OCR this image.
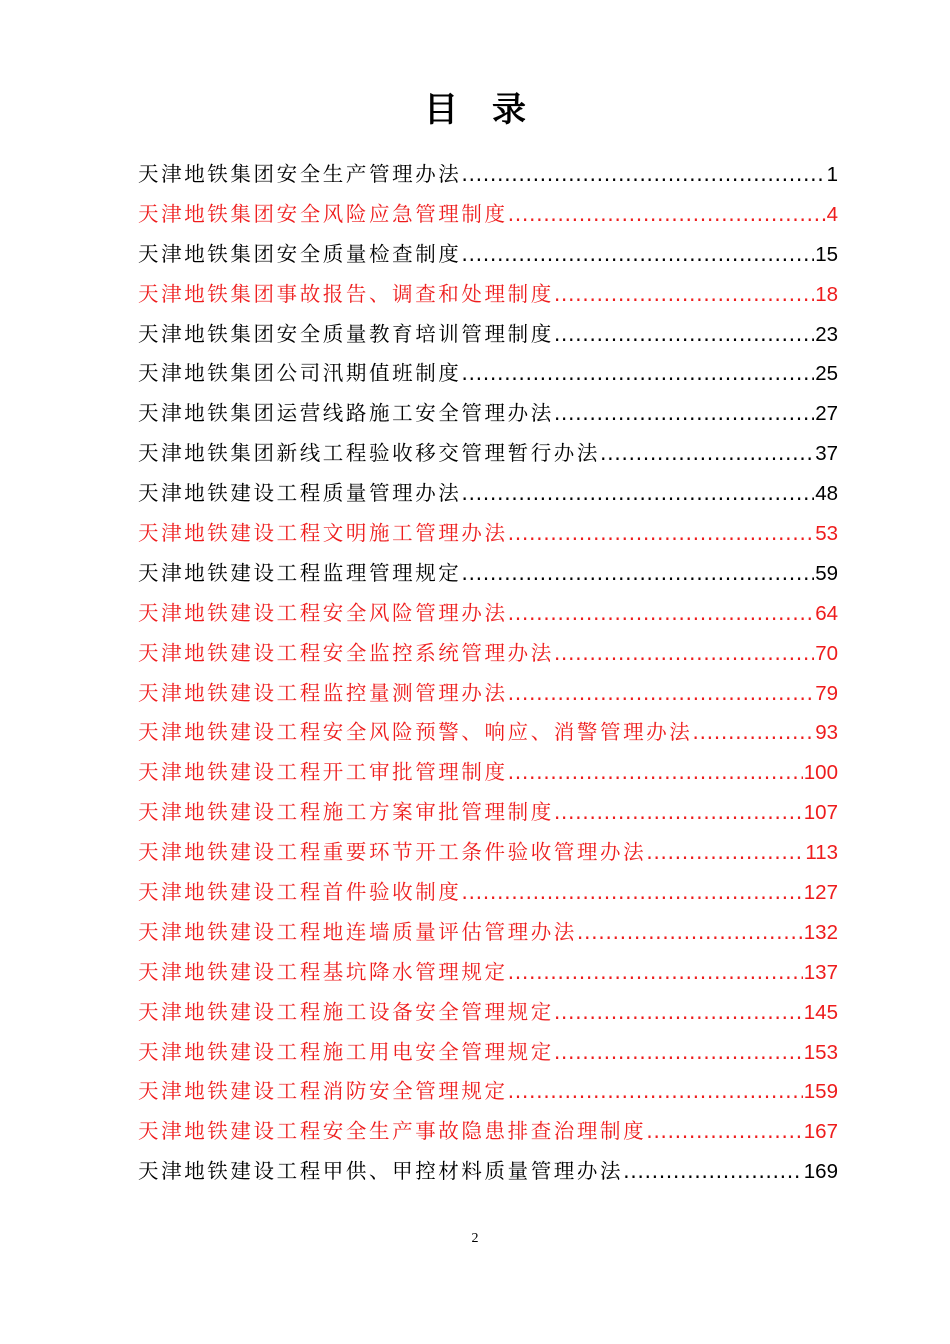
目录
天津地铁集团安全生产管理办法 .....	1
天津地铁集团安全风险应急管理制度 .....	4
天津地铁集团安全质量检查制度 .....	15
天津地铁集团事故报告、调查和处理制度 .....	18
天津地铁集团安全质量教育培训管理制度 .....	23
天津地铁集团公司汛期值班制度 .....	25
天津地铁集团运营线路施工安全管理办法 .....	27
天津地铁集团新线工程验收移交管理暂行办法 .....	37
天津地铁建设工程质量管理办法 .....	48
天津地铁建设工程文明施工管理办法 .....	53
天津地铁建设工程监理管理规定 .....	59
天津地铁建设工程安全风险管理办法 .....	64
天津地铁建设工程安全监控系统管理办法 .....	70
天津地铁建设工程监控量测管理办法 .....	79
天津地铁建设工程安全风险预警、响应、消警管理办法 .....	93
天津地铁建设工程开工审批管理制度 .....	100
天津地铁建设工程施工方案审批管理制度 .....	107
天津地铁建设工程重要环节开工条件验收管理办法 .....	113
天津地铁建设工程首件验收制度 .....	127
天津地铁建设工程地连墙质量评估管理办法 .....	132
天津地铁建设工程基坑降水管理规定 .....	137
天津地铁建设工程施工设备安全管理规定 .....	145
天津地铁建设工程施工用电安全管理规定 .....	153
天津地铁建设工程消防安全管理规定 .....	159
天津地铁建设工程安全生产事故隐患排查治理制度 .....	167
天津地铁建设工程甲供、甲控材料质量管理办法 .....	169
2
